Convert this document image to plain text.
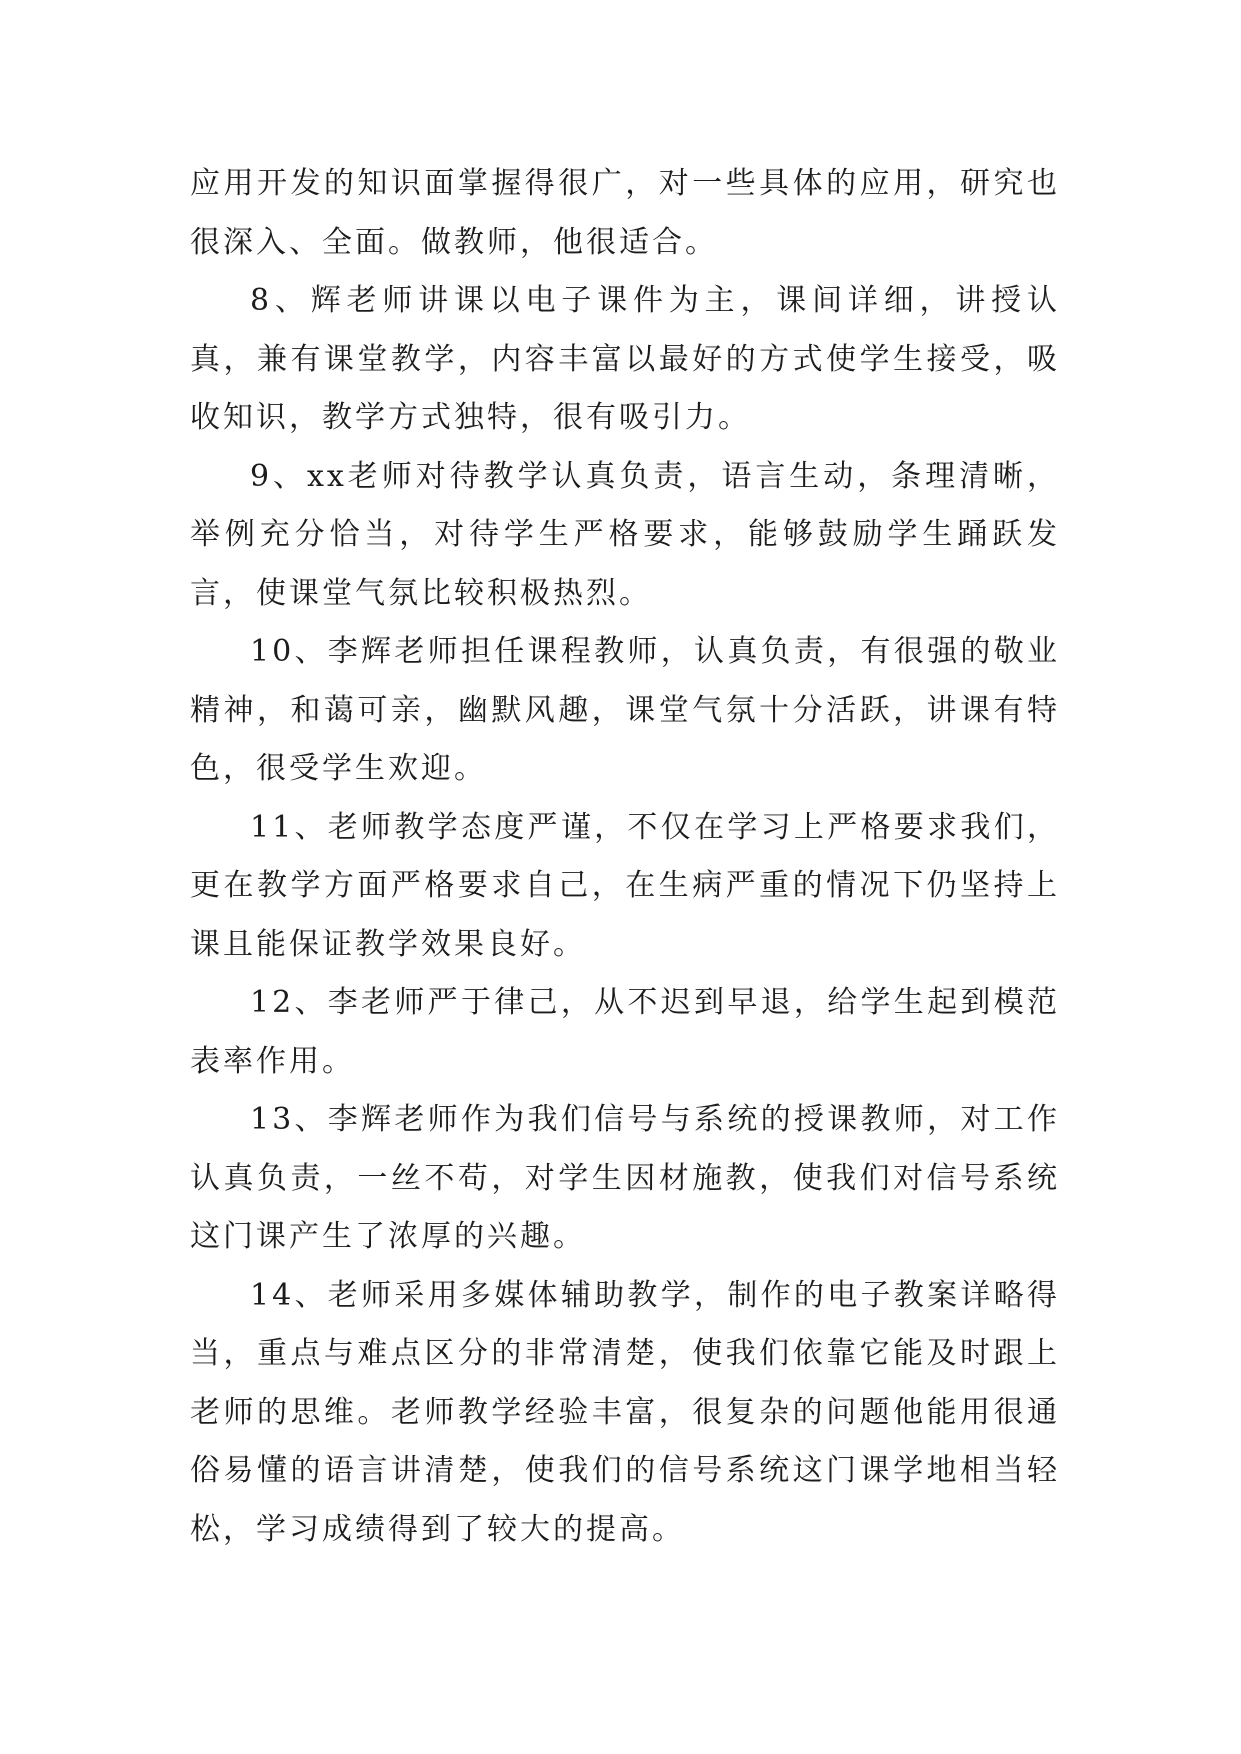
应用开发的知识面掌握得很广，对一些具体的应用，研究也很深入、全面。做教师，他很适合。

8、辉老师讲课以电子课件为主，课间详细，讲授认真，兼有课堂教学，内容丰富以最好的方式使学生接受，吸收知识，教学方式独特，很有吸引力。

9、xx老师对待教学认真负责，语言生动，条理清晰，举例充分恰当，对待学生严格要求，能够鼓励学生踊跃发言，使课堂气氛比较积极热烈。

10、李辉老师担任课程教师，认真负责，有很强的敬业精神，和蔼可亲，幽默风趣，课堂气氛十分活跃，讲课有特色，很受学生欢迎。

11、老师教学态度严谨，不仅在学习上严格要求我们，更在教学方面严格要求自己，在生病严重的情况下仍坚持上课且能保证教学效果良好。

12、李老师严于律己，从不迟到早退，给学生起到模范表率作用。

13、李辉老师作为我们信号与系统的授课教师，对工作认真负责，一丝不苟，对学生因材施教，使我们对信号系统这门课产生了浓厚的兴趣。

14、老师采用多媒体辅助教学，制作的电子教案详略得当，重点与难点区分的非常清楚，使我们依靠它能及时跟上老师的思维。老师教学经验丰富，很复杂的问题他能用很通俗易懂的语言讲清楚，使我们的信号系统这门课学地相当轻松，学习成绩得到了较大的提高。
